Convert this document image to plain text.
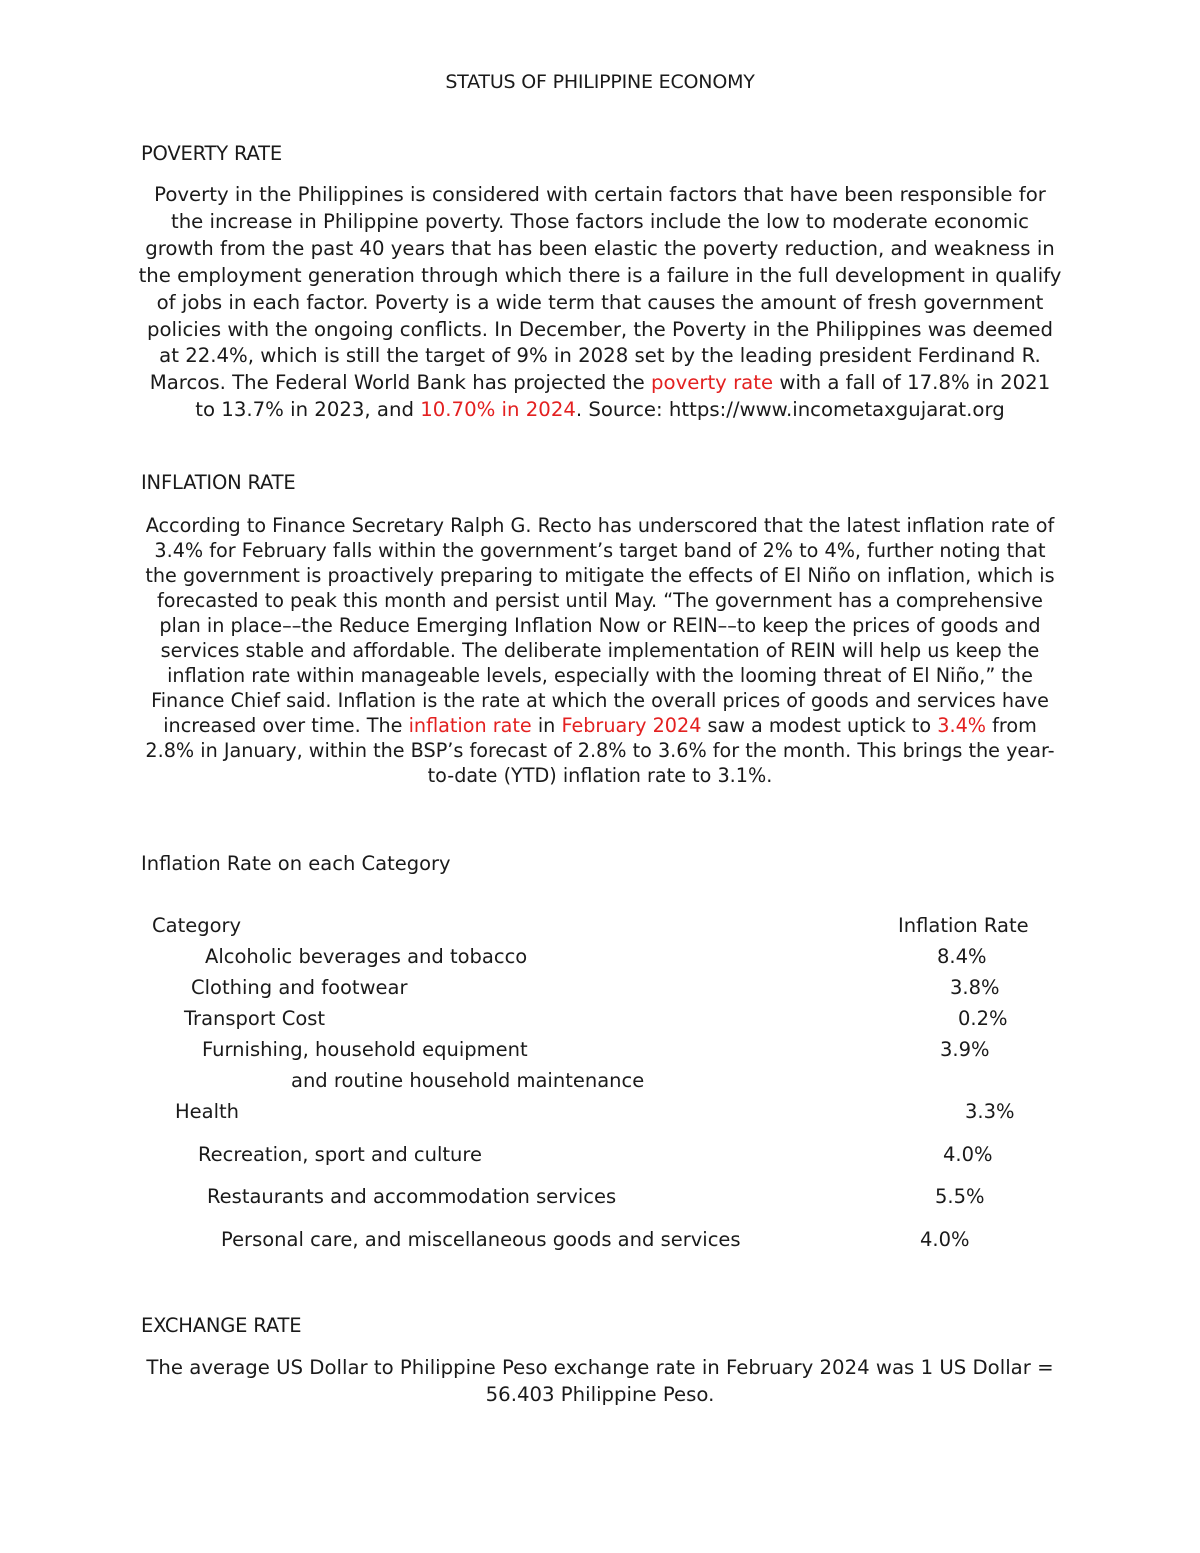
STATUS OF PHILIPPINE ECONOMY
POVERTY RATE

Poverty in the Philippines is considered with certain factors that have been responsible for the increase in Philippine poverty. Those factors include the low to moderate economic growth from the past 40 years that has been elastic the poverty reduction, and weakness in the employment generation through which there is a failure in the full development in qualify of jobs in each factor. Poverty is a wide term that causes the amount of fresh government policies with the ongoing conflicts. In December, the Poverty in the Philippines was deemed at 22.4%, which is still the target of 9% in 2028 set by the leading president Ferdinand R. Marcos. The Federal World Bank has projected the poverty rate with a fall of 17.8% in 2021 to 13.7% in 2023, and 10.70% in 2024. Source: https://www.incometaxgujarat.org

INFLATION RATE

According to Finance Secretary Ralph G. Recto has underscored that the latest inflation rate of 3.4% for February falls within the government’s target band of 2% to 4%, further noting that the government is proactively preparing to mitigate the effects of El Niño on inflation, which is forecasted to peak this month and persist until May. “The government has a comprehensive plan in place––the Reduce Emerging Inflation Now or REIN––to keep the prices of goods and services stable and affordable. The deliberate implementation of REIN will help us keep the inflation rate within manageable levels, especially with the looming threat of El Niño,” the Finance Chief said. Inflation is the rate at which the overall prices of goods and services have increased over time. The inflation rate in February 2024 saw a modest uptick to 3.4% from 2.8% in January, within the BSP’s forecast of 2.8% to 3.6% for the month. This brings the year-to-date (YTD) inflation rate to 3.1%.

Inflation Rate on each Category
Category	Inflation Rate
Alcoholic beverages and tobacco	8.4%
Clothing and footwear	3.8%
Transport Cost	0.2%
Furnishing, household equipment	3.9%
and routine household maintenance
Health	3.3%
Recreation, sport and culture	4.0%
Restaurants and accommodation services	5.5%
Personal care, and miscellaneous goods and services	4.0%
EXCHANGE RATE

The average US Dollar to Philippine Peso exchange rate in February 2024 was 1 US Dollar = 56.403 Philippine Peso.
